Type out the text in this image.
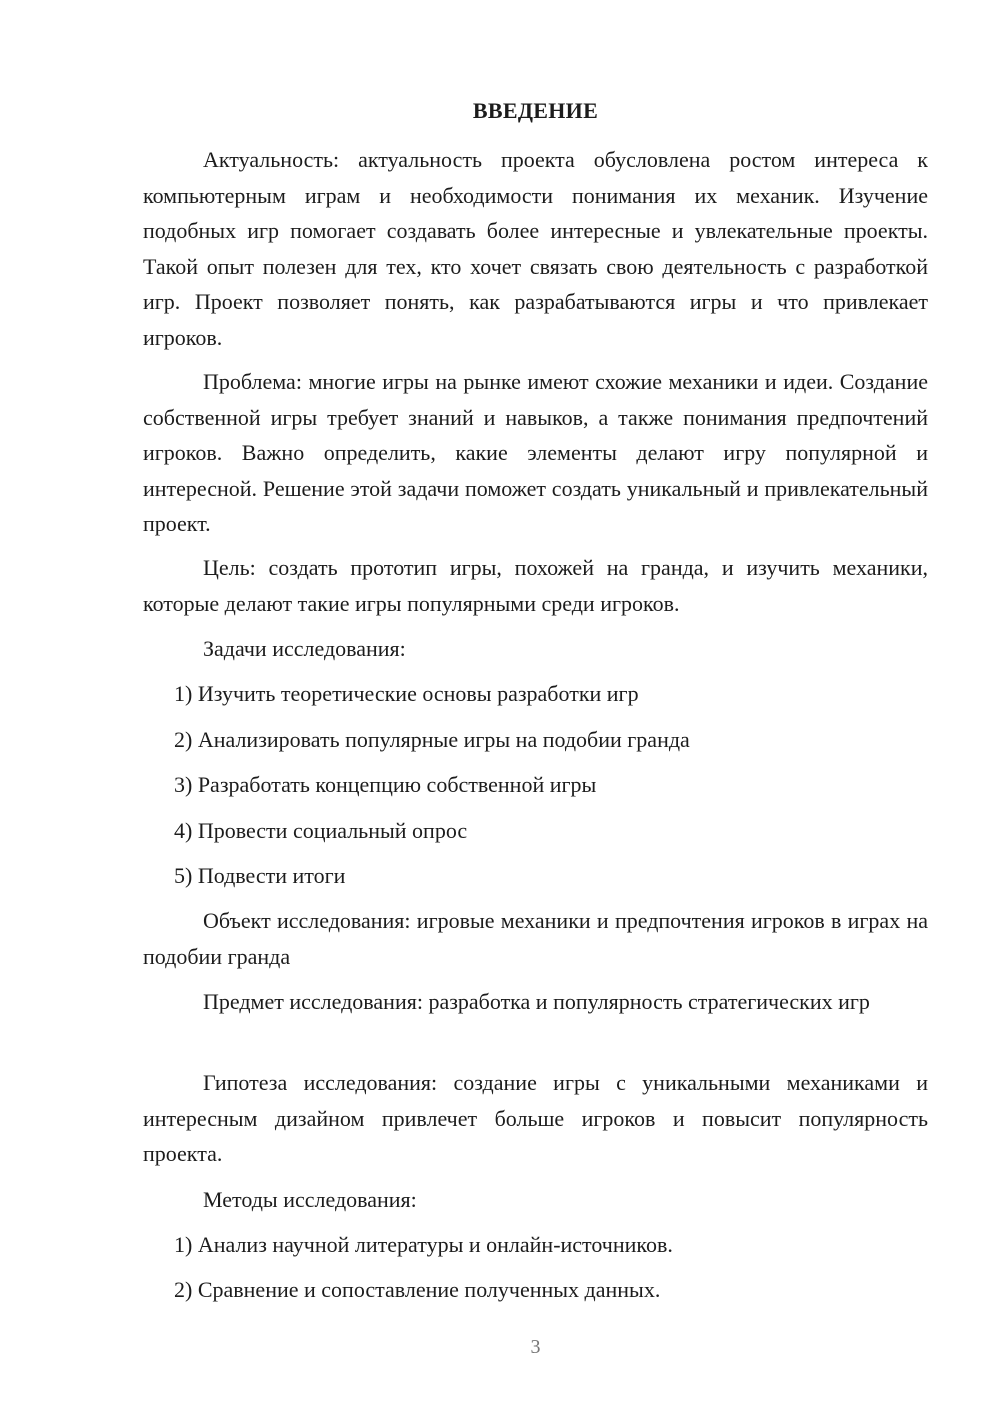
ВВЕДЕНИЕ

Актуальность: актуальность проекта обусловлена ростом интереса к компьютерным играм и необходимости понимания их механик. Изучение подобных игр помогает создавать более интересные и увлекательные проекты. Такой опыт полезен для тех, кто хочет связать свою деятельность с разработкой игр. Проект позволяет понять, как разрабатываются игры и что привлекает игроков.

Проблема: многие игры на рынке имеют схожие механики и идеи. Создание собственной игры требует знаний и навыков, а также понимания предпочтений игроков. Важно определить, какие элементы делают игру популярной и интересной. Решение этой задачи поможет создать уникальный и привлекательный проект.

Цель: создать прототип игры, похожей на гранда, и изучить механики, которые делают такие игры популярными среди игроков.

Задачи исследования:

1) Изучить теоретические основы разработки игр

2) Анализировать популярные игры на подобии гранда

3) Разработать концепцию собственной игры

4) Провести социальный опрос

5) Подвести итоги

Объект исследования: игровые механики и предпочтения игроков в играх на подобии гранда

Предмет исследования: разработка и популярность стратегических игр

Гипотеза исследования: создание игры с уникальными механиками и интересным дизайном привлечет больше игроков и повысит популярность проекта.

Методы исследования:

1) Анализ научной литературы и онлайн-источников.

2) Сравнение и сопоставление полученных данных.

3
